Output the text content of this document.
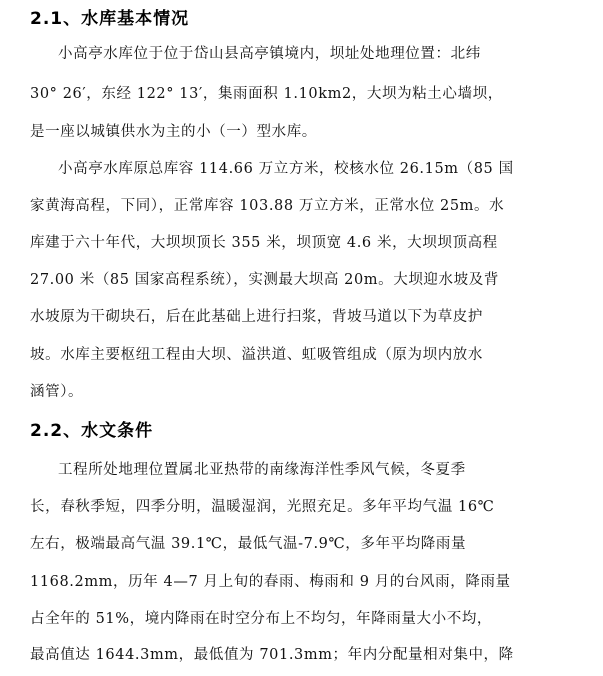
2.1、水库基本情况
小高亭水库位于位于岱山县高亭镇境内，坝址处地理位置：北纬
30° 26′，东经 122° 13′，集雨面积 1.10km2，大坝为粘土心墙坝，
是一座以城镇供水为主的小（一）型水库。
小高亭水库原总库容 114.66 万立方米，校核水位 26.15m（85 国
家黄海高程，下同），正常库容 103.88 万立方米，正常水位 25m。水
库建于六十年代，大坝坝顶长 355 米，坝顶宽 4.6 米，大坝坝顶高程
27.00 米（85 国家高程系统），实测最大坝高 20m。大坝迎水坡及背
水坡原为干砌块石，后在此基础上进行扫浆，背坡马道以下为草皮护
坡。水库主要枢纽工程由大坝、溢洪道、虹吸管组成（原为坝内放水
涵管）。
2.2、水文条件
工程所处地理位置属北亚热带的南缘海洋性季风气候，冬夏季
长，春秋季短，四季分明，温暖湿润，光照充足。多年平均气温 16℃
左右，极端最高气温 39.1℃，最低气温-7.9℃，多年平均降雨量
1168.2mm，历年 4—7 月上旬的春雨、梅雨和 9 月的台风雨，降雨量
占全年的 51%，境内降雨在时空分布上不均匀，年降雨量大小不均，
最高值达 1644.3mm，最低值为 701.3mm；年内分配量相对集中，降
